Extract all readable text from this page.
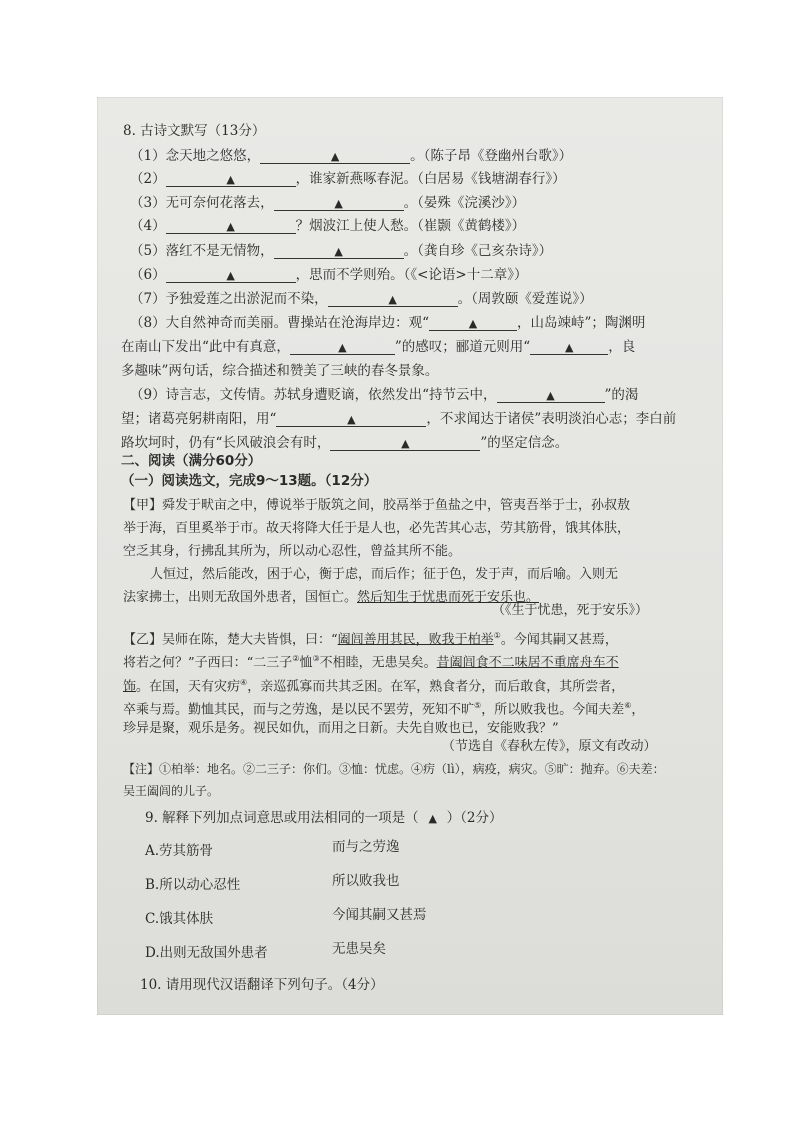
8. 古诗文默写（13分）
（1）念天地之悠悠，	▲	。（陈子昂《登幽州台歌》）
（2）	▲	，谁家新燕啄春泥。（白居易《钱塘湖春行》）
（3）无可奈何花落去，	▲	。（晏殊《浣溪沙》）
（4）	▲	？烟波江上使人愁。（崔颢《黄鹤楼》）
（5）落红不是无情物，	▲	。（龚自珍《己亥杂诗》）
（6）	▲	，思而不学则殆。（《<论语>十二章》）
（7）予独爱莲之出淤泥而不染，	▲	。（周敦颐《爱莲说》）
（8）大自然神奇而美丽。曹操站在沧海岸边：观“	▲	，山岛竦峙”；陶渊明
在南山下发出“此中有真意，	▲	”的感叹；郦道元则用“	▲	，良
多趣味”两句话，综合描述和赞美了三峡的春冬景象。
（9）诗言志，文传情。苏轼身遭贬谪，依然发出“持节云中，	▲	”的渴
望；诸葛亮躬耕南阳，用“	▲	，不求闻达于诸侯”表明淡泊心志；李白前
路坎坷时，仍有“长风破浪会有时，	▲	”的坚定信念。
二、阅读（满分60分）
（一）阅读选文，完成9～13题。（12分）
【甲】舜发于畎亩之中，傅说举于版筑之间，胶鬲举于鱼盐之中，管夷吾举于士，孙叔敖
举于海，百里奚举于市。故天将降大任于是人也，必先苦其心志，劳其筋骨，饿其体肤，
空乏其身，行拂乱其所为，所以动心忍性，曾益其所不能。
人恒过，然后能改，困于心，衡于虑，而后作；征于色，发于声，而后喻。入则无
法家拂士，出则无敌国外患者，国恒亡。然后知生于忧患而死于安乐也。
（《生于忧患，死于安乐》）
【乙】吴师在陈，楚大夫皆惧，曰：“阖闾善用其民，败我于柏举①。今闻其嗣又甚焉，
将若之何？”子西曰：“二三子②恤③不相睦，无患吴矣。昔阖闾食不二味居不重席舟车不
饰。在国，天有灾疠④，亲巡孤寡而共其乏困。在军，熟食者分，而后敢食，其所尝者，
卒乘与焉。勤恤其民，而与之劳逸，是以民不罢劳，死知不旷⑤，所以败我也。今闻夫差⑥，
珍异是聚，观乐是务。视民如仇，而用之日新。夫先自败也已，安能败我？”
（节选自《春秋左传》，原文有改动）
【注】①柏举：地名。②二三子：你们。③恤：忧虑。④疠（lì），病疫，病灾。⑤旷：抛弃。⑥夫差：
吴王阖闾的儿子。
9. 解释下列加点词意思或用法相同的一项是（ ▲ ）（2分）
A.劳其筋骨	而与之劳逸
B.所以动心忍性	所以败我也
C.饿其体肤	今闻其嗣又甚焉
D.出则无敌国外患者	无患吴矣
10. 请用现代汉语翻译下列句子。（4分）
